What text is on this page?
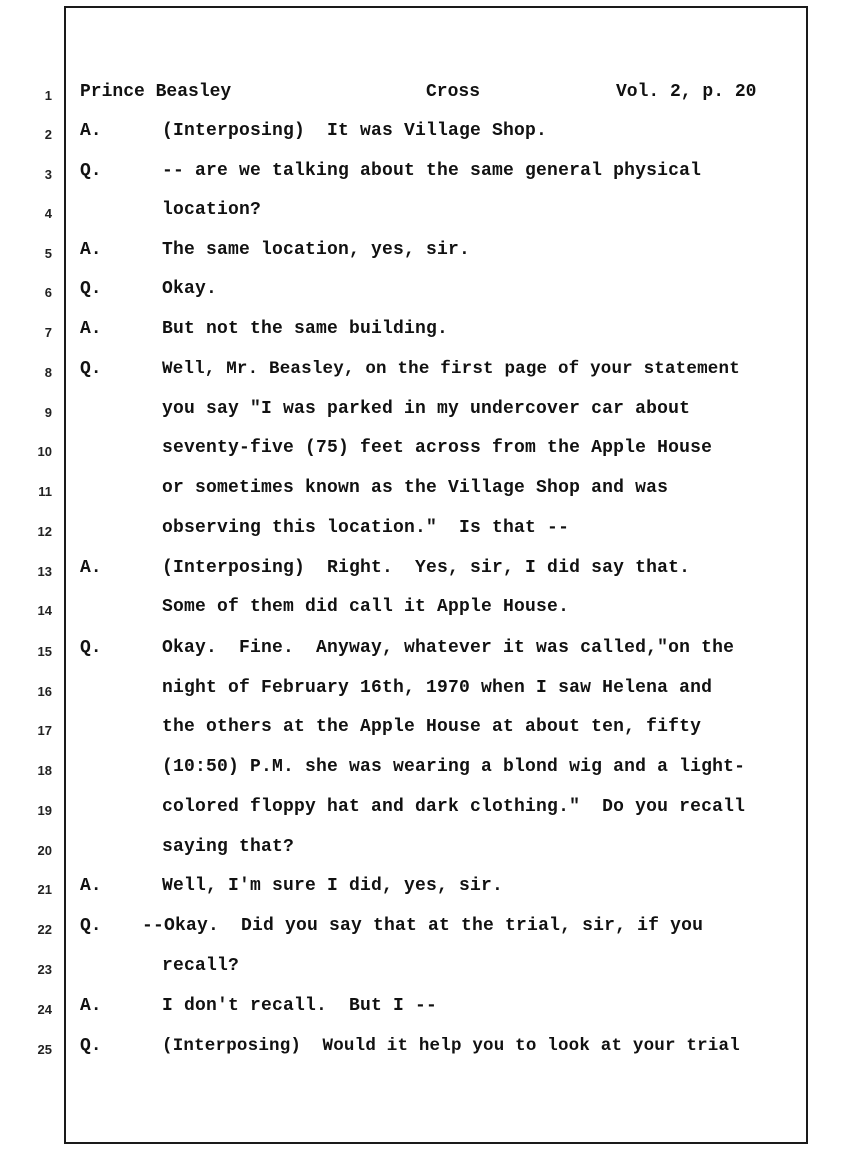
1 Prince Beasley	Cross	Vol. 2, p. 20
2 A.	(Interposing)  It was Village Shop.
3 Q.	-- are we talking about the same general physical
4	location?
5 A.	The same location, yes, sir.
6 Q.	Okay.
7 A.	But not the same building.
8 Q.	Well, Mr. Beasley, on the first page of your statement
9	you say "I was parked in my undercover car about
10	seventy-five (75) feet across from the Apple House
11	or sometimes known as the Village Shop and was
12	observing this location."  Is that --
13 A.	(Interposing)  Right.  Yes, sir, I did say that.
14	Some of them did call it Apple House.
15 Q.	Okay.  Fine.  Anyway, whatever it was called,"on the
16	night of February 16th, 1970 when I saw Helena and
17	the others at the Apple House at about ten, fifty
18	(10:50) P.M. she was wearing a blond wig and a light-
19	colored floppy hat and dark clothing."  Do you recall
20	saying that?
21 A.	Well, I'm sure I did, yes, sir.
22 Q. --Okay.  Did you say that at the trial, sir, if you
23	recall?
24 A.	I don't recall.  But I --
25 Q.	(Interposing)  Would it help you to look at your trial
